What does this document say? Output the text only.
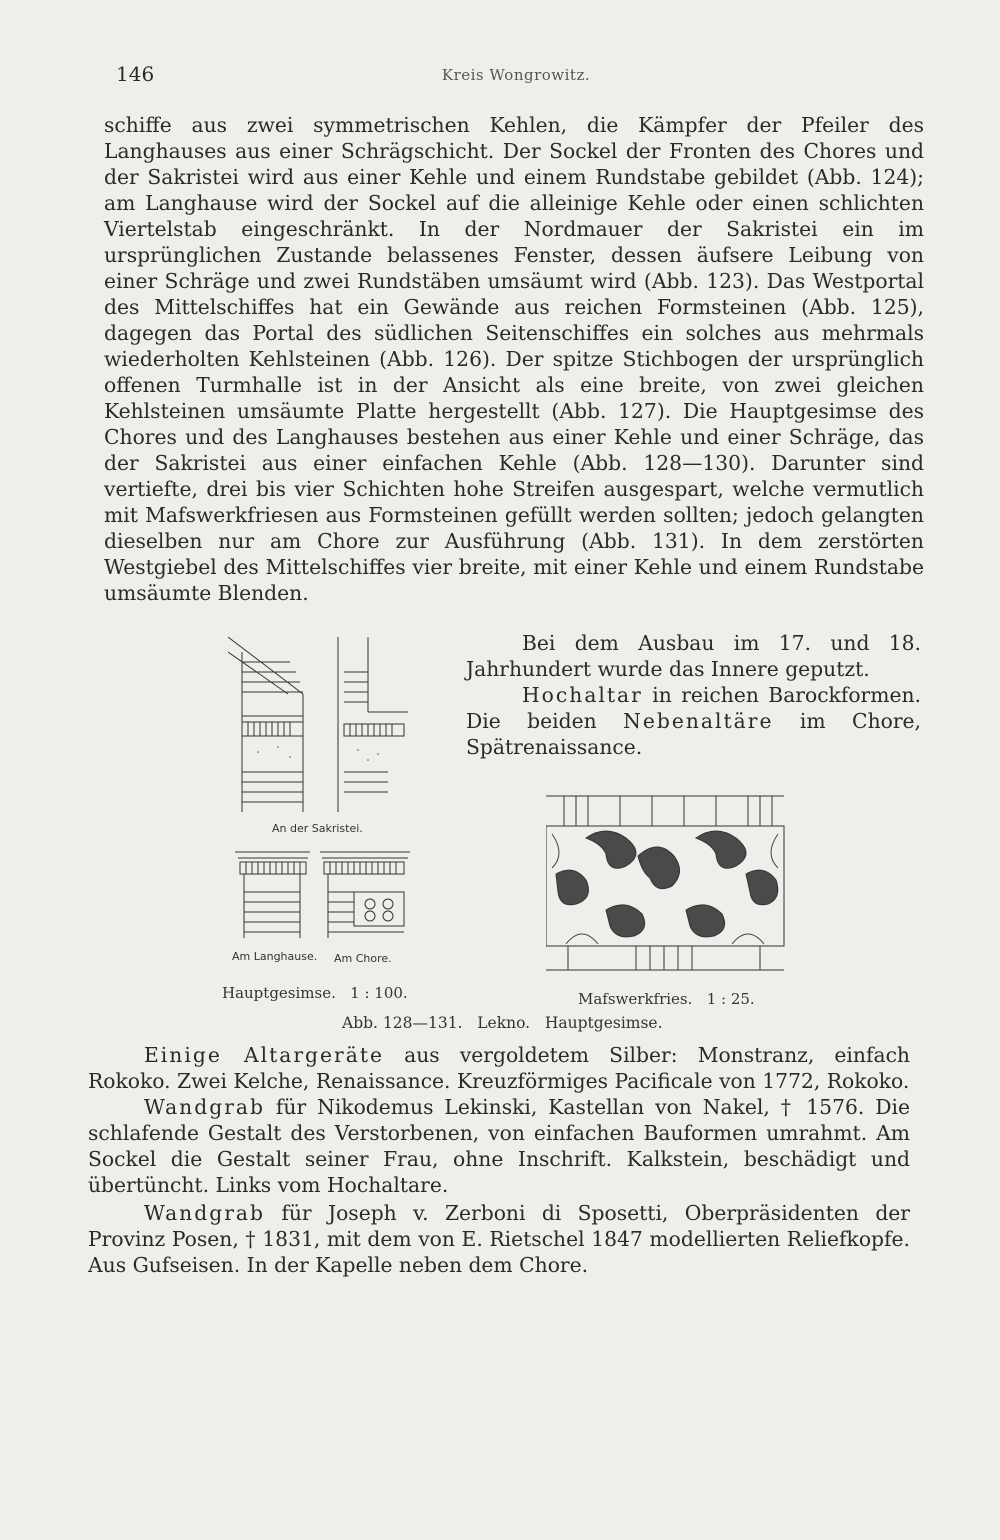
146	Kreis Wongrowitz.

schiffe aus zwei symmetrischen Kehlen, die Kämpfer der Pfeiler des Langhauses aus einer Schrägschicht. Der Sockel der Fronten des Chores und der Sakristei wird aus einer Kehle und einem Rundstabe gebildet (Abb. 124); am Langhause wird der Sockel auf die alleinige Kehle oder einen schlichten Viertelstab eingeschränkt. In der Nordmauer der Sakristei ein im ursprünglichen Zustande belassenes Fenster, dessen äufsere Leibung von einer Schräge und zwei Rundstäben umsäumt wird (Abb. 123). Das Westportal des Mittelschiffes hat ein Gewände aus reichen Formsteinen (Abb. 125), dagegen das Portal des südlichen Seitenschiffes ein solches aus mehrmals wiederholten Kehlsteinen (Abb. 126). Der spitze Stichbogen der ursprünglich offenen Turmhalle ist in der Ansicht als eine breite, von zwei gleichen Kehlsteinen umsäumte Platte hergestellt (Abb. 127). Die Hauptgesimse des Chores und des Langhauses bestehen aus einer Kehle und einer Schräge, das der Sakristei aus einer einfachen Kehle (Abb. 128—130). Darunter sind vertiefte, drei bis vier Schichten hohe Streifen ausgespart, welche vermutlich mit Mafswerkfriesen aus Formsteinen gefüllt werden sollten; jedoch gelangten dieselben nur am Chore zur Ausführung (Abb. 131). In dem zerstörten Westgiebel des Mittelschiffes vier breite, mit einer Kehle und einem Rundstabe umsäumte Blenden.

An der Sakristei.
Am Langhause. Am Chore.
Hauptgesimse.   1 : 100.	Mafswerkfries.   1 : 25.
Abb. 128—131.   Lekno.   Hauptgesimse.

Bei dem Ausbau im 17. und 18. Jahrhundert wurde das Innere geputzt.

Hochaltar in reichen Barockformen. Die beiden Nebenaltäre im Chore, Spätrenaissance.

Einige Altargeräte aus vergoldetem Silber: Monstranz, einfach Rokoko. Zwei Kelche, Renaissance. Kreuzförmiges Pacificale von 1772, Rokoko.

Wandgrab für Nikodemus Lekinski, Kastellan von Nakel, † 1576. Die schlafende Gestalt des Verstorbenen, von einfachen Bauformen umrahmt. Am Sockel die Gestalt seiner Frau, ohne Inschrift. Kalkstein, beschädigt und übertüncht. Links vom Hochaltare.

Wandgrab für Joseph v. Zerboni di Sposetti, Oberpräsidenten der Provinz Posen, † 1831, mit dem von E. Rietschel 1847 modellierten Reliefkopfe. Aus Gufseisen. In der Kapelle neben dem Chore.
